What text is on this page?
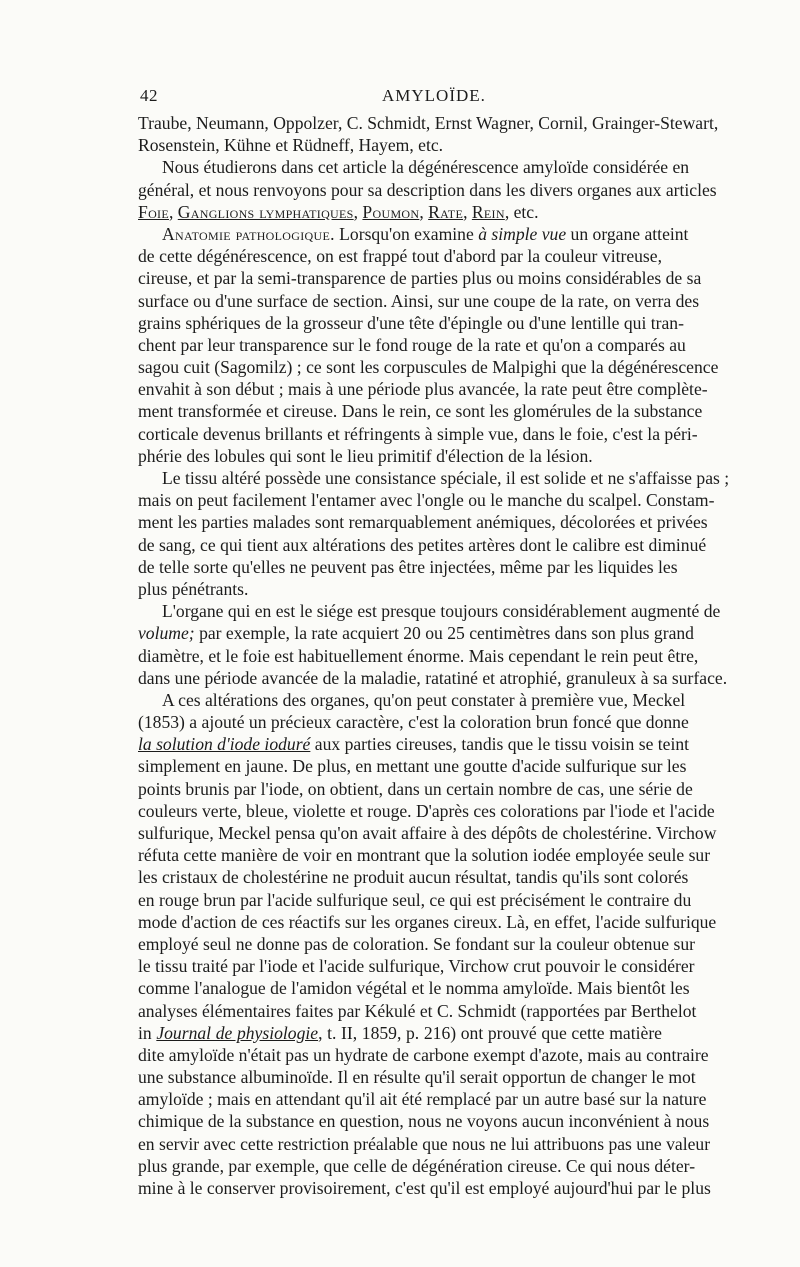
42	AMYLOÏDE.
Traube, Neumann, Oppolzer, C. Schmidt, Ernst Wagner, Cornil, Grainger-Stewart,
Rosenstein, Kühne et Rüdneff, Hayem, etc.
Nous étudierons dans cet article la dégénérescence amyloïde considérée en
général, et nous renvoyons pour sa description dans les divers organes aux articles
Foie, Ganglions lymphatiques, Poumon, Rate, Rein, etc.
Anatomie pathologique. Lorsqu'on examine à simple vue un organe atteint
de cette dégénérescence, on est frappé tout d'abord par la couleur vitreuse,
cireuse, et par la semi-transparence de parties plus ou moins considérables de sa
surface ou d'une surface de section. Ainsi, sur une coupe de la rate, on verra des
grains sphériques de la grosseur d'une tête d'épingle ou d'une lentille qui tran-
chent par leur transparence sur le fond rouge de la rate et qu'on a comparés au
sagou cuit (Sagomilz) ; ce sont les corpuscules de Malpighi que la dégénérescence
envahit à son début ; mais à une période plus avancée, la rate peut être complète-
ment transformée et cireuse. Dans le rein, ce sont les glomérules de la substance
corticale devenus brillants et réfringents à simple vue, dans le foie, c'est la péri-
phérie des lobules qui sont le lieu primitif d'élection de la lésion.
Le tissu altéré possède une consistance spéciale, il est solide et ne s'affaisse pas ;
mais on peut facilement l'entamer avec l'ongle ou le manche du scalpel. Constam-
ment les parties malades sont remarquablement anémiques, décolorées et privées
de sang, ce qui tient aux altérations des petites artères dont le calibre est diminué
de telle sorte qu'elles ne peuvent pas être injectées, même par les liquides les
plus pénétrants.
L'organe qui en est le siége est presque toujours considérablement augmenté de
volume; par exemple, la rate acquiert 20 ou 25 centimètres dans son plus grand
diamètre, et le foie est habituellement énorme. Mais cependant le rein peut être,
dans une période avancée de la maladie, ratatiné et atrophié, granuleux à sa surface.
A ces altérations des organes, qu'on peut constater à première vue, Meckel
(1853) a ajouté un précieux caractère, c'est la coloration brun foncé que donne
la solution d'iode ioduré aux parties cireuses, tandis que le tissu voisin se teint
simplement en jaune. De plus, en mettant une goutte d'acide sulfurique sur les
points brunis par l'iode, on obtient, dans un certain nombre de cas, une série de
couleurs verte, bleue, violette et rouge. D'après ces colorations par l'iode et l'acide
sulfurique, Meckel pensa qu'on avait affaire à des dépôts de cholestérine. Virchow
réfuta cette manière de voir en montrant que la solution iodée employée seule sur
les cristaux de cholestérine ne produit aucun résultat, tandis qu'ils sont colorés
en rouge brun par l'acide sulfurique seul, ce qui est précisément le contraire du
mode d'action de ces réactifs sur les organes cireux. Là, en effet, l'acide sulfurique
employé seul ne donne pas de coloration. Se fondant sur la couleur obtenue sur
le tissu traité par l'iode et l'acide sulfurique, Virchow crut pouvoir le considérer
comme l'analogue de l'amidon végétal et le nomma amyloïde. Mais bientôt les
analyses élémentaires faites par Kékulé et C. Schmidt (rapportées par Berthelot
in Journal de physiologie, t. II, 1859, p. 216) ont prouvé que cette matière
dite amyloïde n'était pas un hydrate de carbone exempt d'azote, mais au contraire
une substance albuminoïde. Il en résulte qu'il serait opportun de changer le mot
amyloïde ; mais en attendant qu'il ait été remplacé par un autre basé sur la nature
chimique de la substance en question, nous ne voyons aucun inconvénient à nous
en servir avec cette restriction préalable que nous ne lui attribuons pas une valeur
plus grande, par exemple, que celle de dégénération cireuse. Ce qui nous déter-
mine à le conserver provisoirement, c'est qu'il est employé aujourd'hui par le plus
